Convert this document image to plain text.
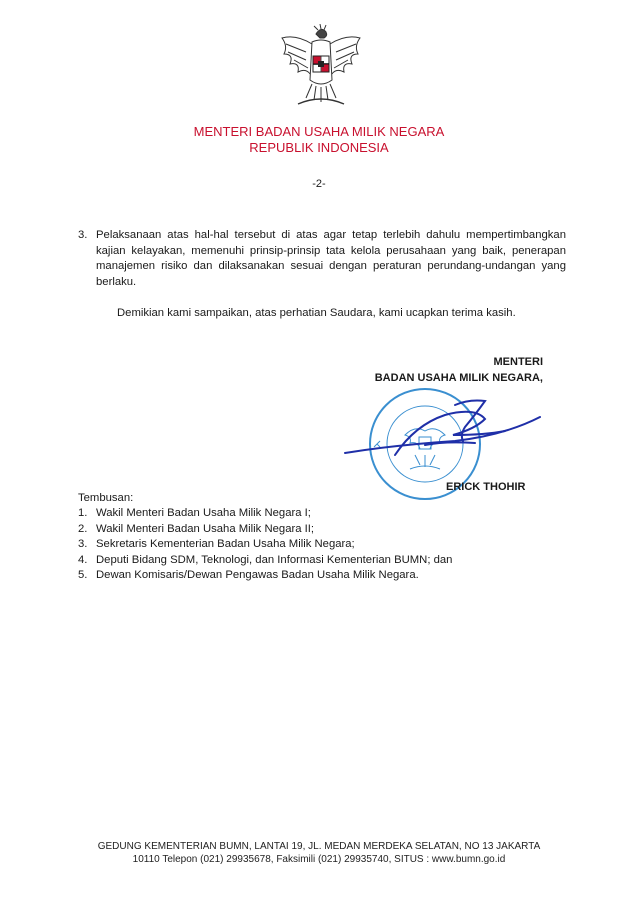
MENTERI BADAN USAHA MILIK NEGARA
REPUBLIK INDONESIA
-2-
3. Pelaksanaan atas hal-hal tersebut di atas agar tetap terlebih dahulu mempertimbangkan kajian kelayakan, memenuhi prinsip-prinsip tata kelola perusahaan yang baik, penerapan manajemen risiko dan dilaksanakan sesuai dengan peraturan perundang-undangan yang berlaku.
Demikian kami sampaikan, atas perhatian Saudara, kami ucapkan terima kasih.
MENTERI
BADAN USAHA MILIK NEGARA,
ERICK THOHIR
Tembusan:
1. Wakil Menteri Badan Usaha Milik Negara I;
2. Wakil Menteri Badan Usaha Milik Negara II;
3. Sekretaris Kementerian Badan Usaha Milik Negara;
4. Deputi Bidang SDM, Teknologi, dan Informasi Kementerian BUMN; dan
5. Dewan Komisaris/Dewan Pengawas Badan Usaha Milik Negara.
GEDUNG KEMENTERIAN BUMN, LANTAI 19, JL. MEDAN MERDEKA SELATAN, NO 13 JAKARTA
10110 Telepon (021) 29935678, Faksimili (021) 29935740, SITUS : www.bumn.go.id
